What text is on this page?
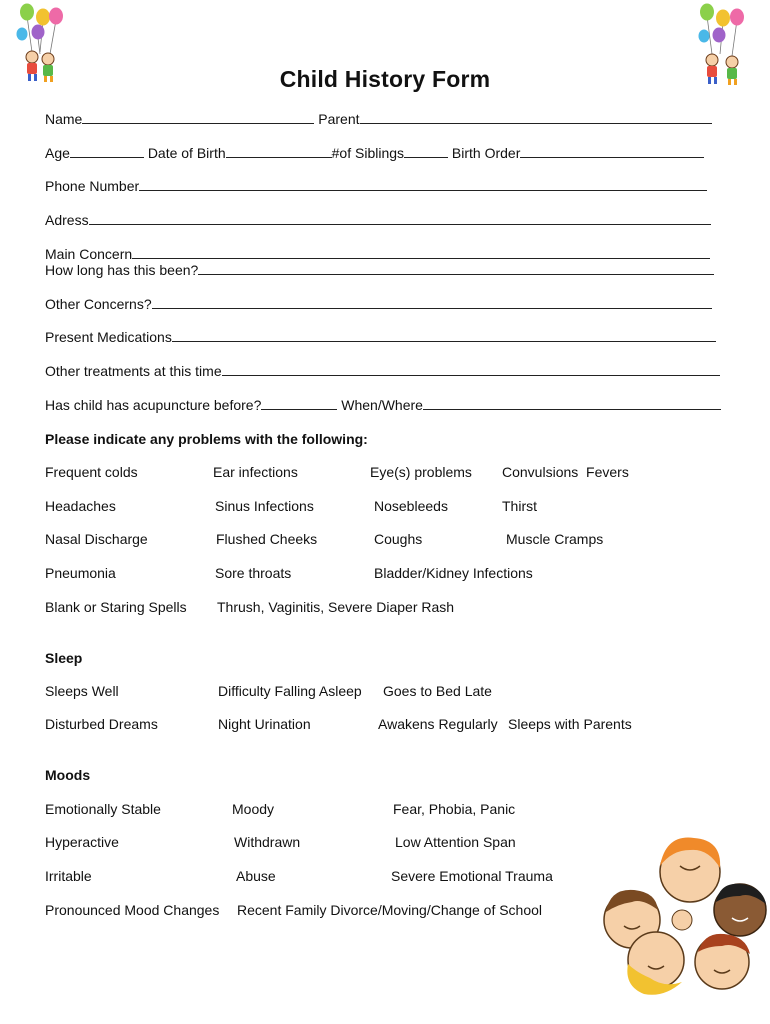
Child History Form
Name	Parent
Age	Date of Birth	#of Siblings	Birth Order
Phone Number
Adress
Main Concern
How long has this been?
Other Concerns?
Present Medications
Other treatments at this time
Has child has acupuncture before?	When/Where
Please indicate any problems with the following:
Frequent colds	Ear infections	Eye(s) problems Convulsions  Fevers
Headaches	Sinus Infections	Nosebleeds	Thirst
Nasal Discharge	Flushed Cheeks	Coughs	Muscle Cramps
Pneumonia	Sore throats	Bladder/Kidney Infections
Blank or Staring Spells Thrush, Vaginitis, Severe Diaper Rash
Sleep
Sleeps Well	Difficulty Falling Asleep Goes to Bed Late
Disturbed Dreams	Night Urination	Awakens Regularly Sleeps with Parents
Moods
Emotionally Stable	Moody	Fear, Phobia, Panic
Hyperactive	Withdrawn	Low Attention Span
Irritable	Abuse	Severe Emotional Trauma
Pronounced Mood Changes Recent Family Divorce/Moving/Change of School
